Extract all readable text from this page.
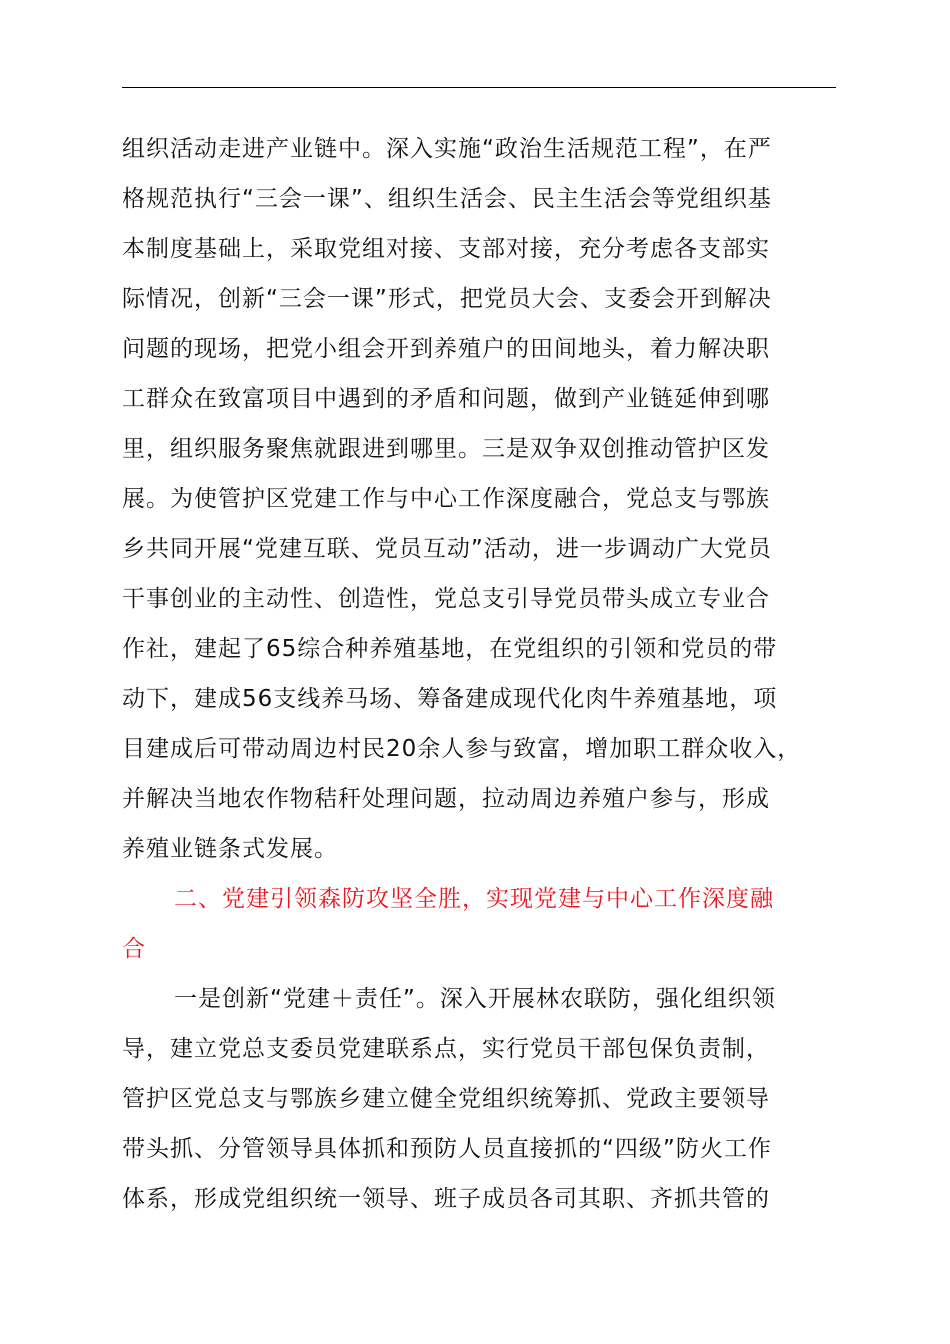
组织活动走进产业链中。深入实施“政治生活规范工程”，在严
格规范执行“三会一课”、组织生活会、民主生活会等党组织基
本制度基础上，采取党组对接、支部对接，充分考虑各支部实
际情况，创新“三会一课”形式，把党员大会、支委会开到解决
问题的现场，把党小组会开到养殖户的田间地头，着力解决职
工群众在致富项目中遇到的矛盾和问题，做到产业链延伸到哪
里，组织服务聚焦就跟进到哪里。三是双争双创推动管护区发
展。为使管护区党建工作与中心工作深度融合，党总支与鄂族
乡共同开展“党建互联、党员互动”活动，进一步调动广大党员
干事创业的主动性、创造性，党总支引导党员带头成立专业合
作社，建起了65综合种养殖基地，在党组织的引领和党员的带
动下，建成56支线养马场、筹备建成现代化肉牛养殖基地，项
目建成后可带动周边村民20余人参与致富，增加职工群众收入，
并解决当地农作物秸秆处理问题，拉动周边养殖户参与，形成
养殖业链条式发展。
二、党建引领森防攻坚全胜，实现党建与中心工作深度融
合
一是创新“党建＋责任”。深入开展林农联防，强化组织领
导，建立党总支委员党建联系点，实行党员干部包保负责制，
管护区党总支与鄂族乡建立健全党组织统筹抓、党政主要领导
带头抓、分管领导具体抓和预防人员直接抓的“四级”防火工作
体系，形成党组织统一领导、班子成员各司其职、齐抓共管的
